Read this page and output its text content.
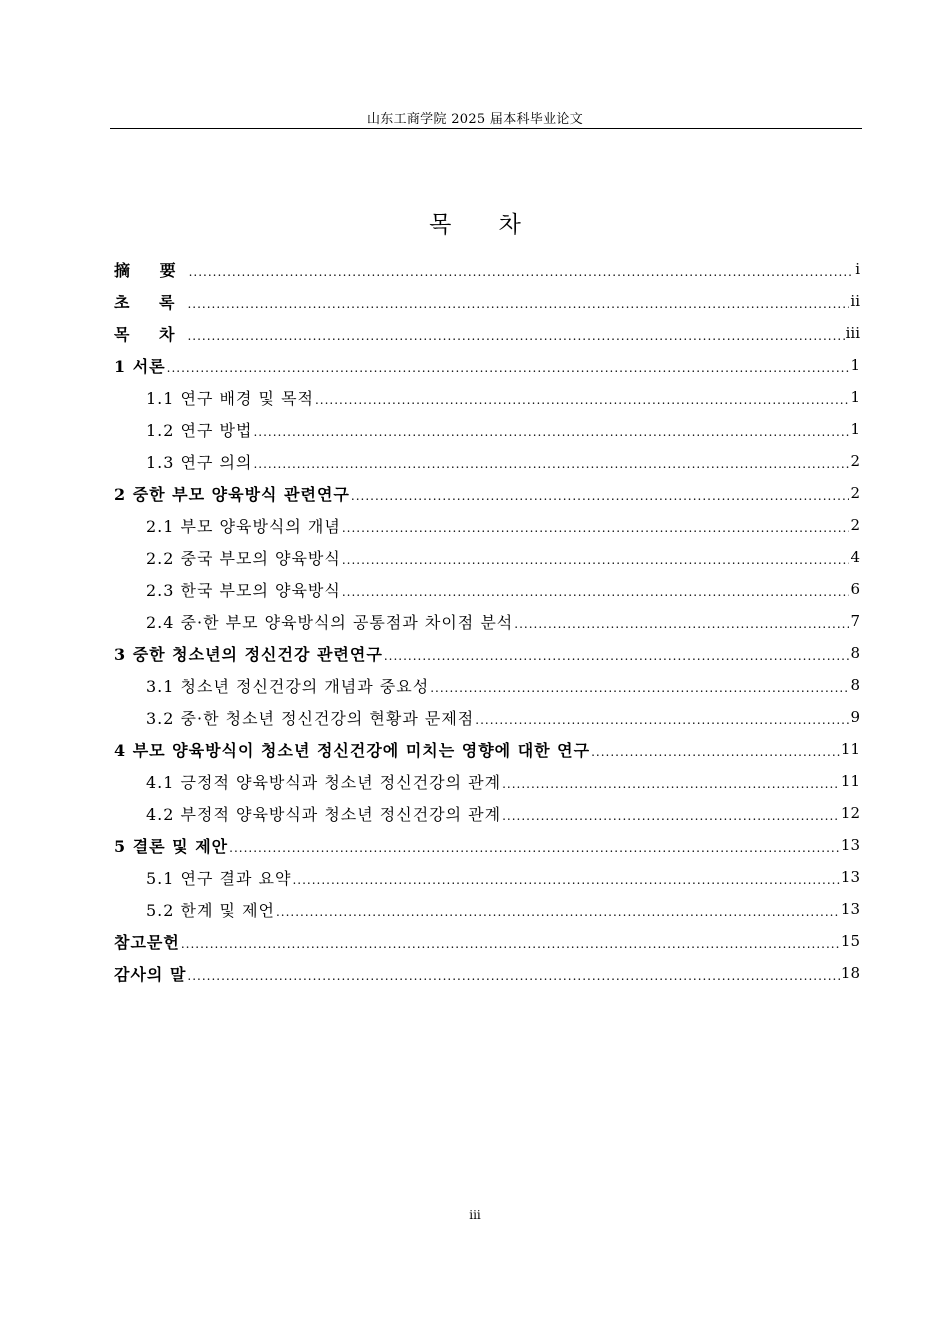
山东工商学院 2025 届本科毕业论文
목 차
摘 要 .....	i
초 록 .....	ii
목 차 .....	iii
1 서론 .....	1
1.1 연구 배경 및 목적 .....	1
1.2 연구 방법 .....	1
1.3 연구 의의 .....	2
2 중한 부모 양육방식 관련연구 .....	2
2.1 부모 양육방식의 개념 .....	2
2.2 중국 부모의 양육방식 .....	4
2.3 한국 부모의 양육방식 .....	6
2.4 중·한 부모 양육방식의 공통점과 차이점 분석 .....	7
3 중한 청소년의 정신건강 관련연구 .....	8
3.1 청소년 정신건강의 개념과 중요성 .....	8
3.2 중·한 청소년 정신건강의 현황과 문제점 .....	9
4 부모 양육방식이 청소년 정신건강에 미치는 영향에 대한 연구 .....	11
4.1 긍정적 양육방식과 청소년 정신건강의 관계 .....	11
4.2 부정적 양육방식과 청소년 정신건강의 관계 .....	12
5 결론 및 제안 .....	13
5.1 연구 결과 요약 .....	13
5.2 한계 및 제언 .....	13
참고문헌 .....	15
감사의 말 .....	18
iii
